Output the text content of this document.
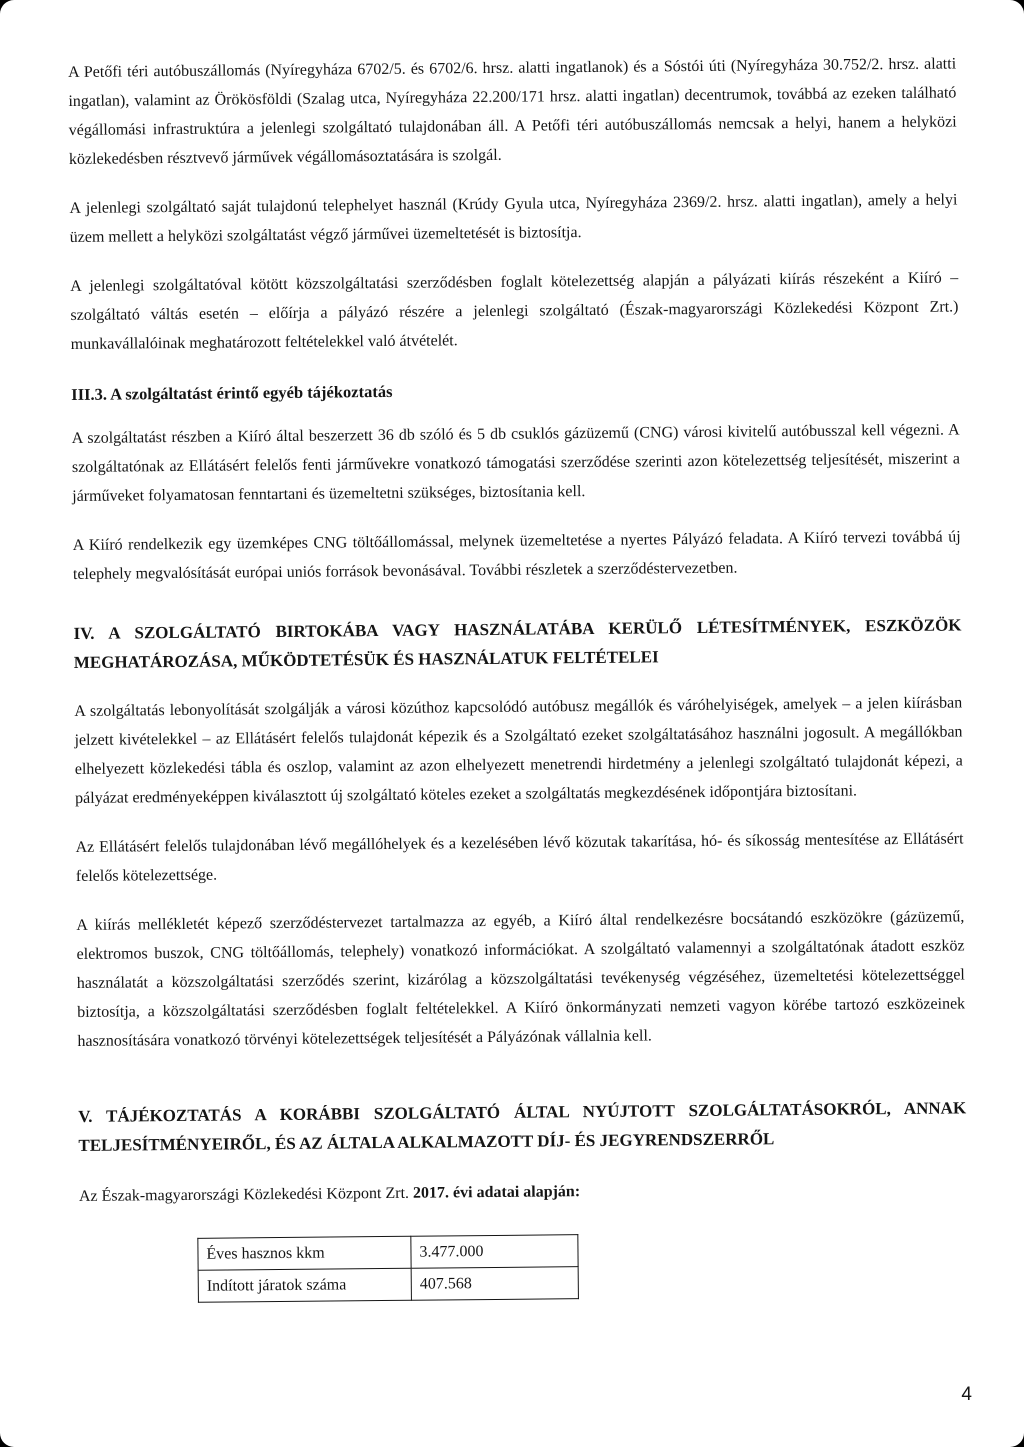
A Petőfi téri autóbuszállomás (Nyíregyháza 6702/5. és 6702/6. hrsz. alatti ingatlanok) és a Sóstói úti (Nyíregyháza 30.752/2. hrsz. alatti ingatlan), valamint az Örökösföldi (Szalag utca, Nyíregyháza 22.200/171 hrsz. alatti ingatlan) decentrumok, továbbá az ezeken található végállomási infrastruktúra a jelenlegi szolgáltató tulajdonában áll. A Petőfi téri autóbuszállomás nemcsak a helyi, hanem a helyközi közlekedésben résztvevő járművek végállomásoztatására is szolgál.

A jelenlegi szolgáltató saját tulajdonú telephelyet használ (Krúdy Gyula utca, Nyíregyháza 2369/2. hrsz. alatti ingatlan), amely a helyi üzem mellett a helyközi szolgáltatást végző járművei üzemeltetését is biztosítja.

A jelenlegi szolgáltatóval kötött közszolgáltatási szerződésben foglalt kötelezettség alapján a pályázati kiírás részeként a Kiíró – szolgáltató váltás esetén – előírja a pályázó részére a jelenlegi szolgáltató (Észak-magyarországi Közlekedési Központ Zrt.) munkavállalóinak meghatározott feltételekkel való átvételét.

III.3. A szolgáltatást érintő egyéb tájékoztatás

A szolgáltatást részben a Kiíró által beszerzett 36 db szóló és 5 db csuklós gázüzemű (CNG) városi kivitelű autóbusszal kell végezni. A szolgáltatónak az Ellátásért felelős fenti járművekre vonatkozó támogatási szerződése szerinti azon kötelezettség teljesítését, miszerint a járműveket folyamatosan fenntartani és üzemeltetni szükséges, biztosítania kell.

A Kiíró rendelkezik egy üzemképes CNG töltőállomással, melynek üzemeltetése a nyertes Pályázó feladata. A Kiíró tervezi továbbá új telephely megvalósítását európai uniós források bevonásával. További részletek a szerződéstervezetben.

IV. A SZOLGÁLTATÓ BIRTOKÁBA VAGY HASZNÁLATÁBA KERÜLŐ LÉTESÍTMÉNYEK, ESZKÖZÖK MEGHATÁROZÁSA, MŰKÖDTETÉSÜK ÉS HASZNÁLATUK FELTÉTELEI

A szolgáltatás lebonyolítását szolgálják a városi közúthoz kapcsolódó autóbusz megállók és váróhelyiségek, amelyek – a jelen kiírásban jelzett kivételekkel – az Ellátásért felelős tulajdonát képezik és a Szolgáltató ezeket szolgáltatásához használni jogosult. A megállókban elhelyezett közlekedési tábla és oszlop, valamint az azon elhelyezett menetrendi hirdetmény a jelenlegi szolgáltató tulajdonát képezi, a pályázat eredményeképpen kiválasztott új szolgáltató köteles ezeket a szolgáltatás megkezdésének időpontjára biztosítani.

Az Ellátásért felelős tulajdonában lévő megállóhelyek és a kezelésében lévő közutak takarítása, hó- és síkosság mentesítése az Ellátásért felelős kötelezettsége.

A kiírás mellékletét képező szerződéstervezet tartalmazza az egyéb, a Kiíró által rendelkezésre bocsátandó eszközökre (gázüzemű, elektromos buszok, CNG töltőállomás, telephely) vonatkozó információkat. A szolgáltató valamennyi a szolgáltatónak átadott eszköz használatát a közszolgáltatási szerződés szerint, kizárólag a közszolgáltatási tevékenység végzéséhez, üzemeltetési kötelezettséggel biztosítja, a közszolgáltatási szerződésben foglalt feltételekkel. A Kiíró önkormányzati nemzeti vagyon körébe tartozó eszközeinek hasznosítására vonatkozó törvényi kötelezettségek teljesítését a Pályázónak vállalnia kell.

V. TÁJÉKOZTATÁS A KORÁBBI SZOLGÁLTATÓ ÁLTAL NYÚJTOTT SZOLGÁLTATÁSOKRÓL, ANNAK TELJESÍTMÉNYEIRŐL, ÉS AZ ÁLTALA ALKALMAZOTT DÍJ- ÉS JEGYRENDSZERRŐL

Az Észak-magyarországi Közlekedési Központ Zrt. 2017. évi adatai alapján:

Éves hasznos kkm	3.477.000
Indított járatok száma	407.568
4
